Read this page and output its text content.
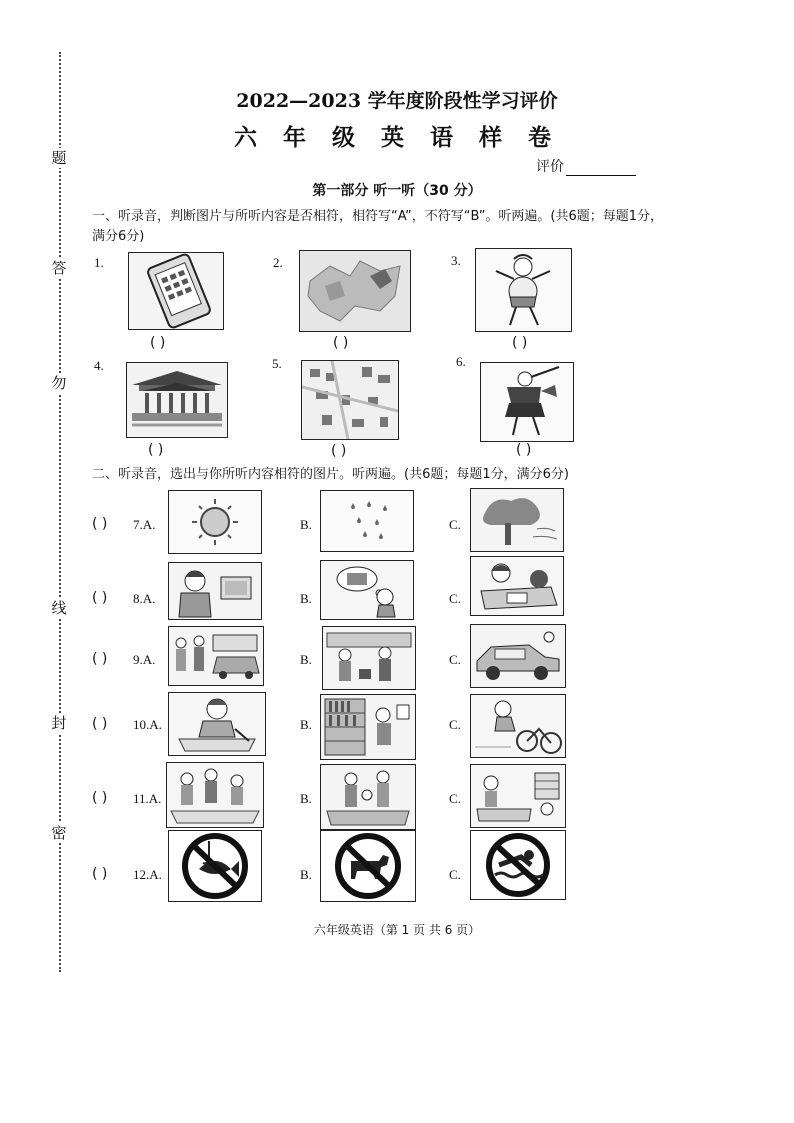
题
答
勿
线
封
密
2022—2023 学年度阶段性学习评价
六 年 级 英 语 样 卷
评价
第一部分 听一听（30 分）
一、听录音，判断图片与所听内容是否相符，相符写“A”，不符写“B”。听两遍。(共6题；每题1分，满分6分)
1.
( )
2.
( )
3.
( )
4.
( )
5.
( )
6.
( )
二、听录音，选出与你所听内容相符的图片。听两遍。(共6题；每题1分，满分6分)
( ) 7.A.	B.	C.
( ) 8.A.	B.	C.
( ) 9.A.	B.	C.
( ) 10.A.	B.	C.
( ) 11.A.	B.	C.
( ) 12.A.	B.	C.
六年级英语（第 1 页 共 6 页）
